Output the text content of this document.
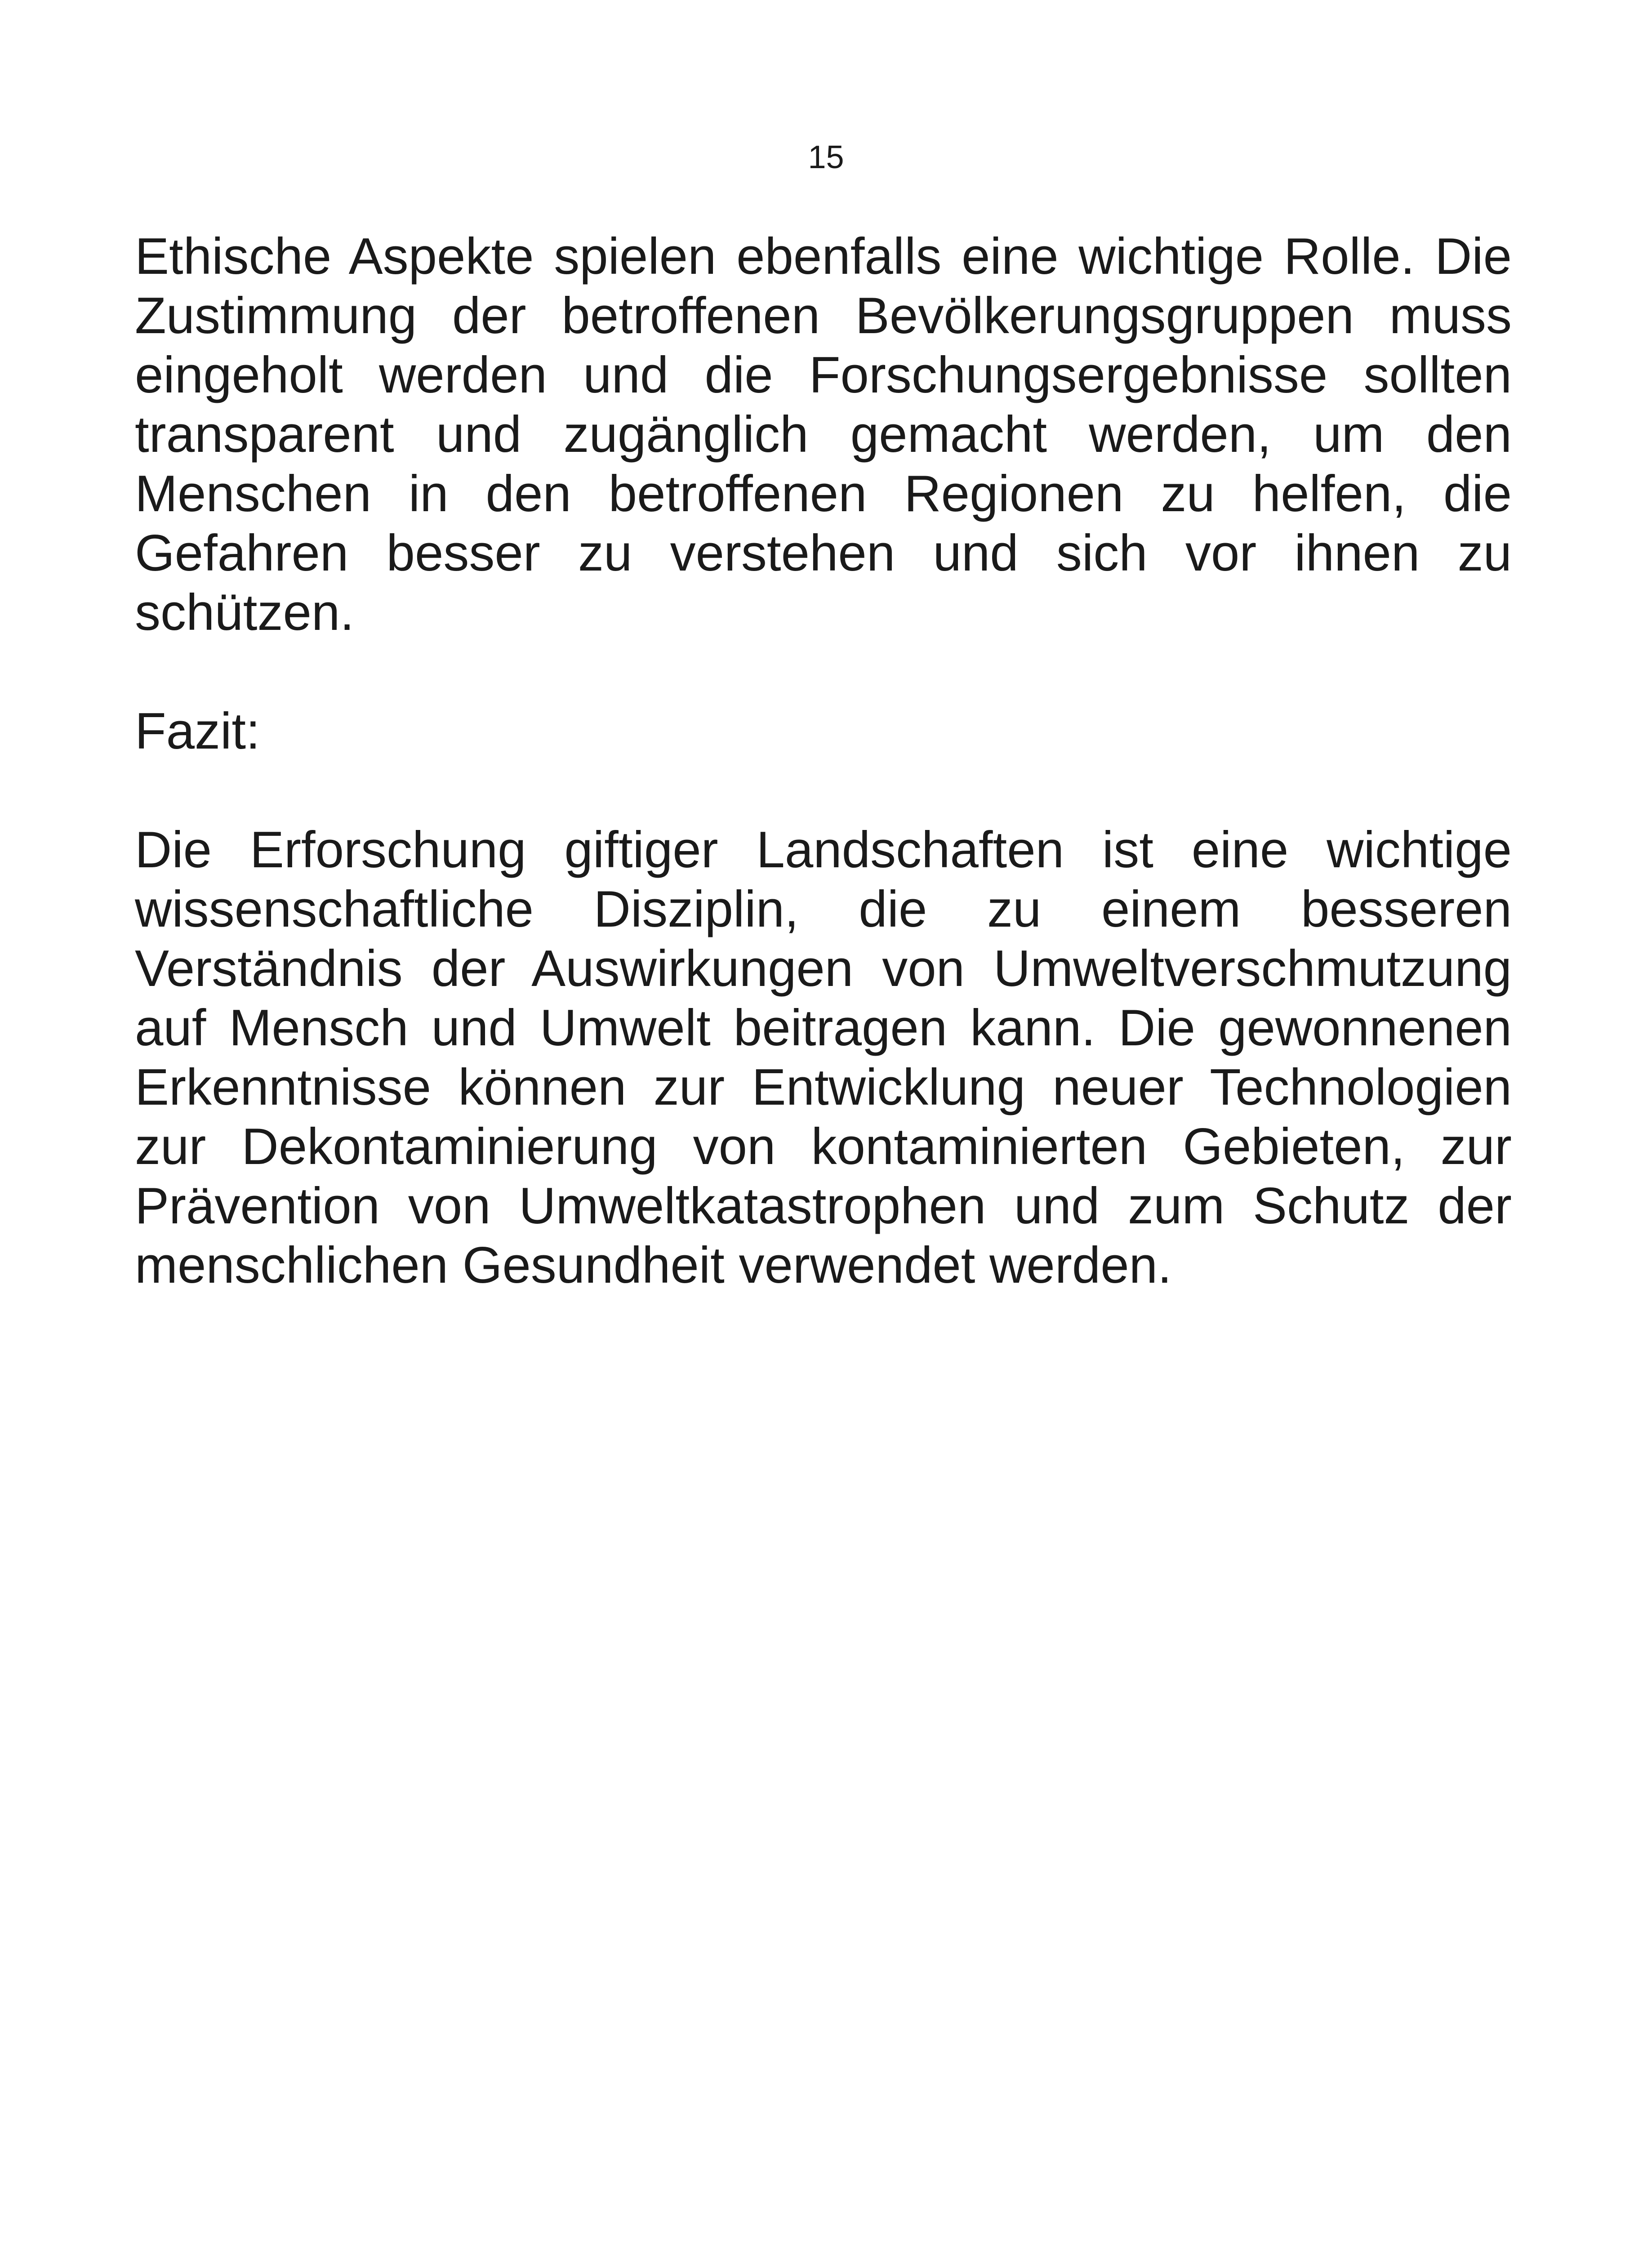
15

Ethische Aspekte spielen ebenfalls eine wichtige Rolle. Die Zustimmung der betroffenen Bevölkerungsgruppen muss eingeholt werden und die Forschungsergebnisse sollten transparent und zugänglich gemacht werden, um den Menschen in den betroffenen Regionen zu helfen, die Gefahren besser zu verstehen und sich vor ihnen zu schützen.

Fazit:

Die Erforschung giftiger Landschaften ist eine wichtige wissenschaftliche Disziplin, die zu einem besseren Verständnis der Auswirkungen von Umweltverschmutzung auf Mensch und Umwelt beitragen kann. Die gewonnenen Erkenntnisse können zur Entwicklung neuer Technologien zur Dekontaminierung von kontaminierten Gebieten, zur Prävention von Umweltkatastrophen und zum Schutz der menschlichen Gesundheit verwendet werden.
